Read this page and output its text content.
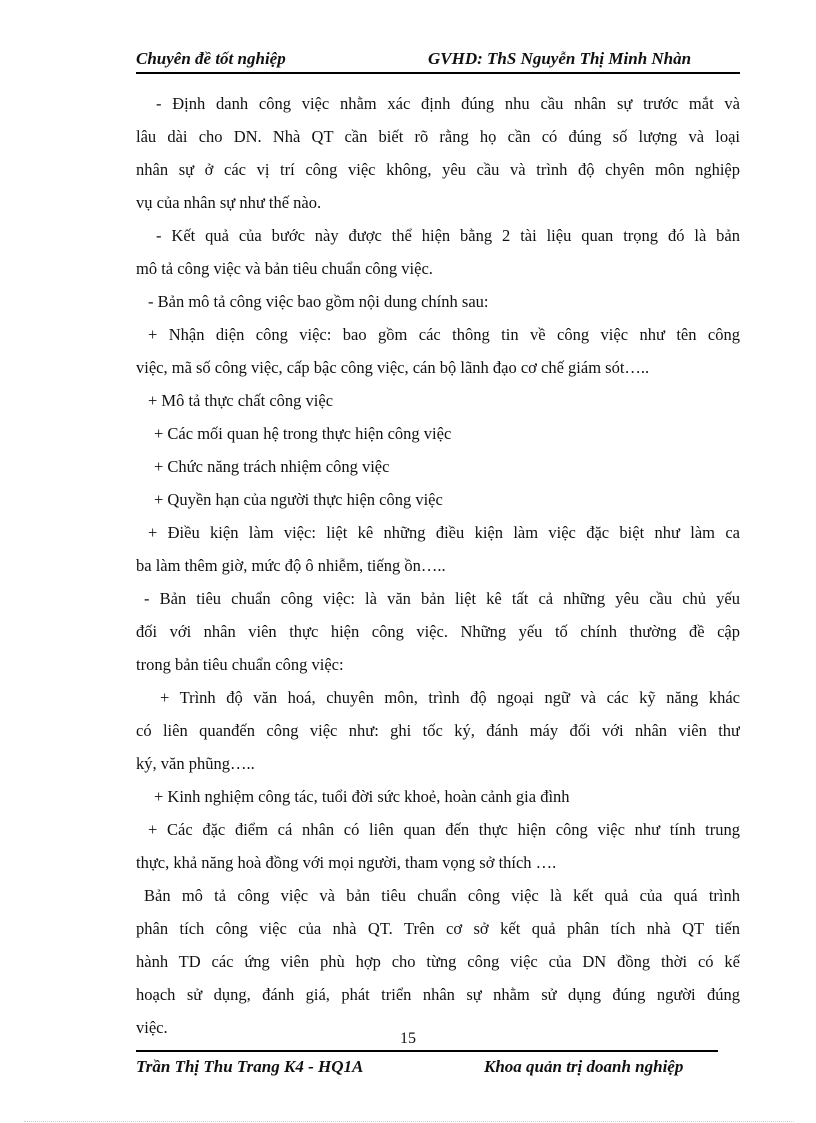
Chuyên đề tốt nghiệp	GVHD: ThS Nguyễn Thị Minh Nhàn
- Định danh công việc nhằm xác định đúng nhu cầu nhân sự trước mắt và
lâu dài cho DN. Nhà QT cần biết rõ rằng họ cần có đúng số lượng và loại
nhân sự ở các vị trí công việc không, yêu cầu và trình độ chyên môn nghiệp
vụ của nhân sự như thế nào.
- Kết quả của bước này được thể hiện bằng 2 tài liệu quan trọng đó là bản
mô tả công việc và bản tiêu chuẩn công việc.
- Bản mô tả công việc bao gồm nội dung chính sau:
+ Nhận diện công việc: bao gồm các thông tin về công việc như tên công
việc, mã số công việc, cấp bậc công việc, cán bộ lãnh đạo cơ chế giám sót…..
+ Mô tả thực chất công việc
+ Các mối quan hệ trong thực hiện công việc
+ Chức năng trách nhiệm công việc
+ Quyền hạn của người thực hiện công việc
+ Điều kiện làm việc: liệt kê những điều kiện làm việc đặc biệt như làm ca
ba làm thêm giờ, mức độ ô nhiễm, tiếng ồn…..
- Bản tiêu chuẩn công việc: là văn bản liệt kê tất cả những yêu cầu chủ yếu
đối với nhân viên thực hiện công việc. Những yếu tố chính thường đề cập
trong bản tiêu chuẩn công việc:
+ Trình độ văn hoá, chuyên môn, trình độ ngoại ngữ và các kỹ năng khác
có liên quanđến công việc như: ghi tốc ký, đánh máy đối với nhân viên thư
ký, văn phũng…..
+ Kinh nghiệm công tác, tuổi đời sức khoẻ, hoàn cảnh gia đình
+ Các đặc điểm cá nhân có liên quan đến thực hiện công việc như tính trung
thực, khả năng hoà đồng với mọi người, tham vọng sở thích ….
Bản mô tả công việc và bản tiêu chuẩn công việc là kết quả của quá trình
phân tích công việc của nhà QT. Trên cơ sở kết quả phân tích nhà QT tiến
hành TD các ứng viên phù hợp cho từng công việc của DN đồng thời có kế
hoạch sử dụng, đánh giá, phát triển nhân sự nhằm sử dụng đúng người đúng
việc.
15
Trần Thị Thu Trang K4 - HQ1A	Khoa quản trị doanh nghiệp
